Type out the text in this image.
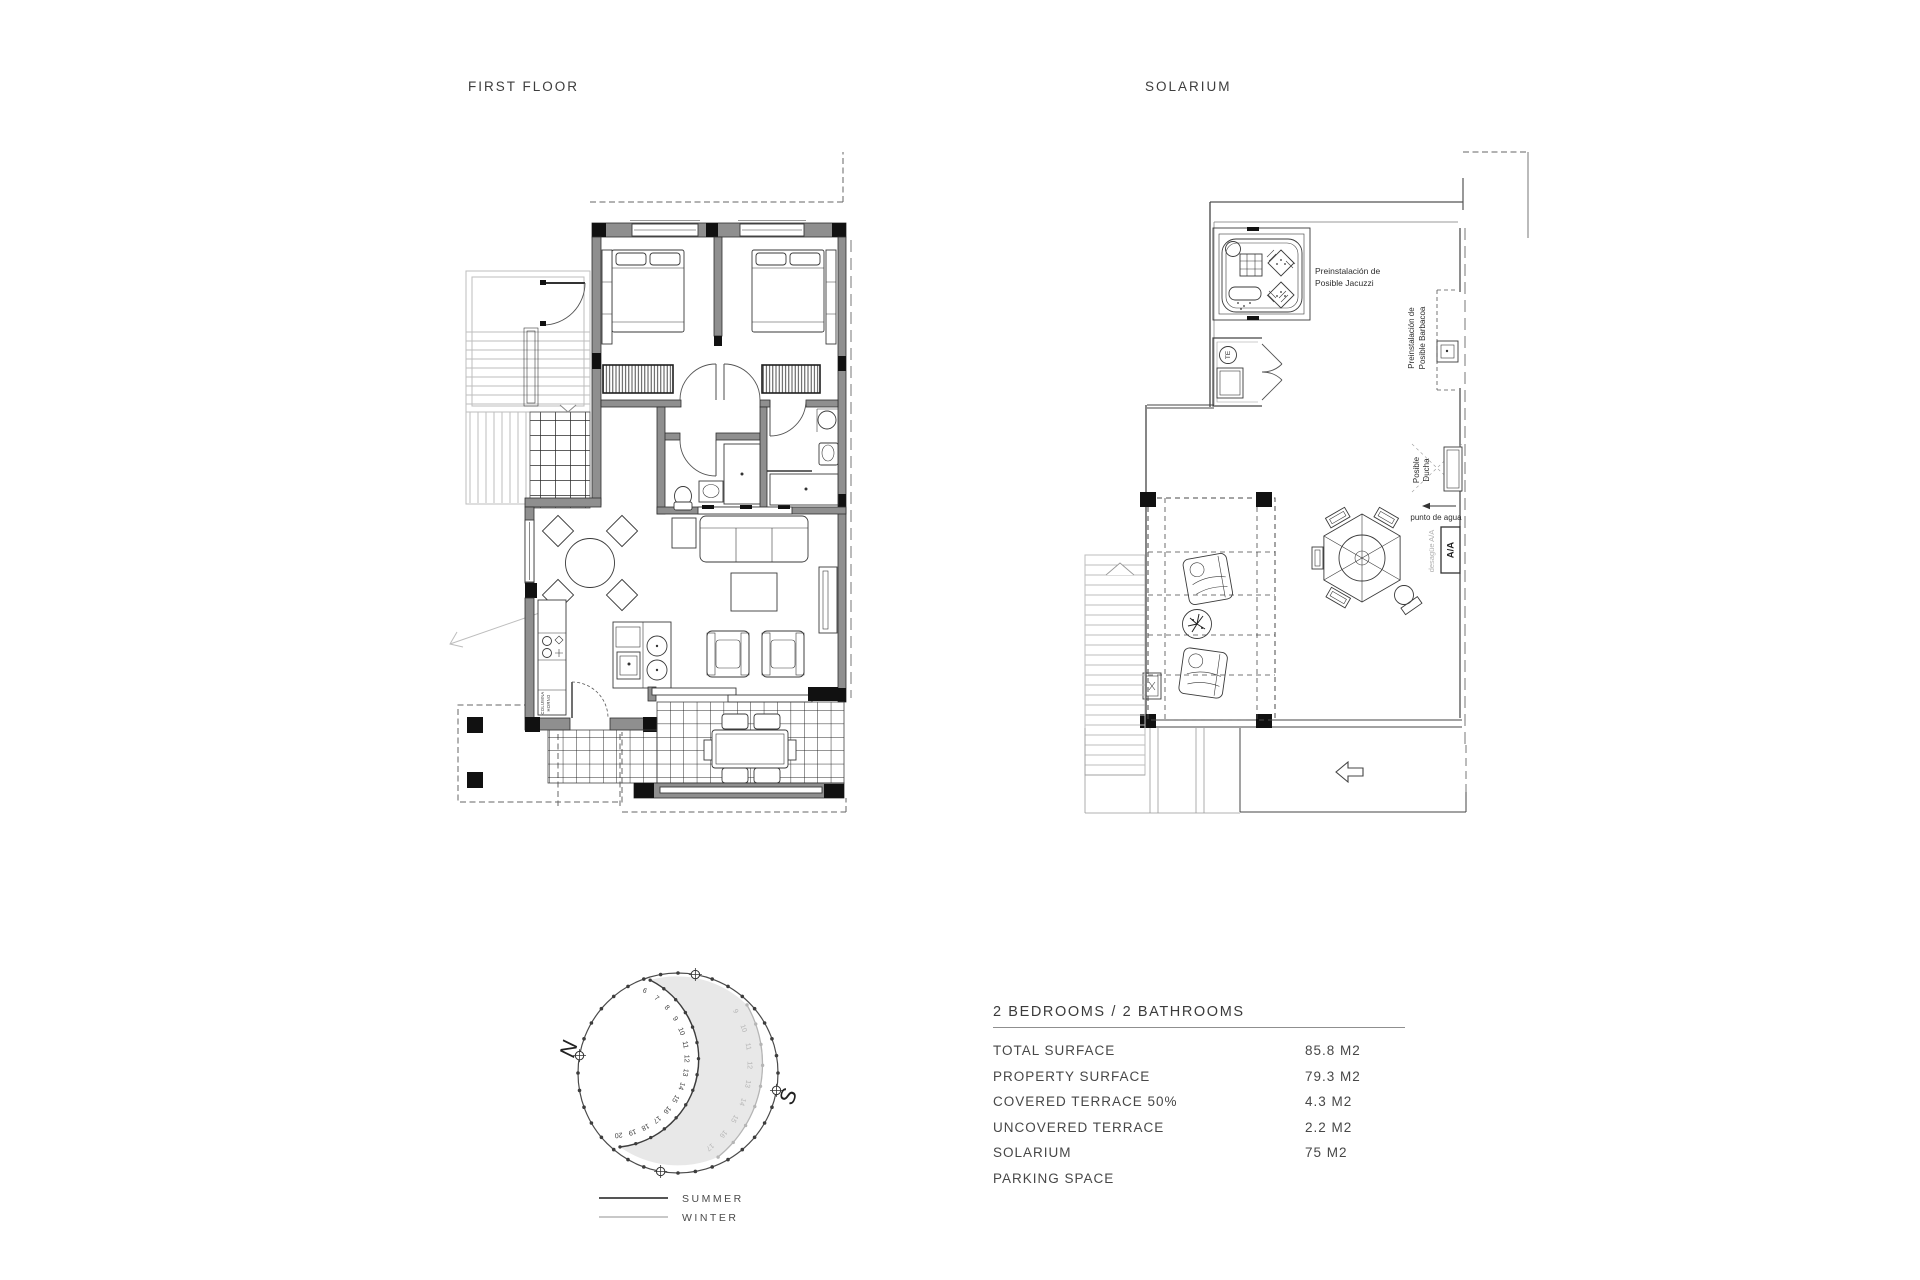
FIRST FLOOR	SOLARIUM
COLUMNA HORNO
Preinstalación de
Posible Jacuzzi
TE	Preinstalación de Posible Barbacoa
Posible Ducha
punto de agua
A/A
desagüe A/A
6
7
8
9
10
11
12
13
14
15
16
17
18
19
20
9
10
11
12
13
14
15
16
17
N
S
SUMMER
WINTER
2 BEDROOMS / 2 BATHROOMS
TOTAL SURFACE	85.8 M2
PROPERTY SURFACE	79.3 M2
COVERED TERRACE 50%	4.3 M2
UNCOVERED TERRACE	2.2 M2
SOLARIUM	75 M2
PARKING SPACE
